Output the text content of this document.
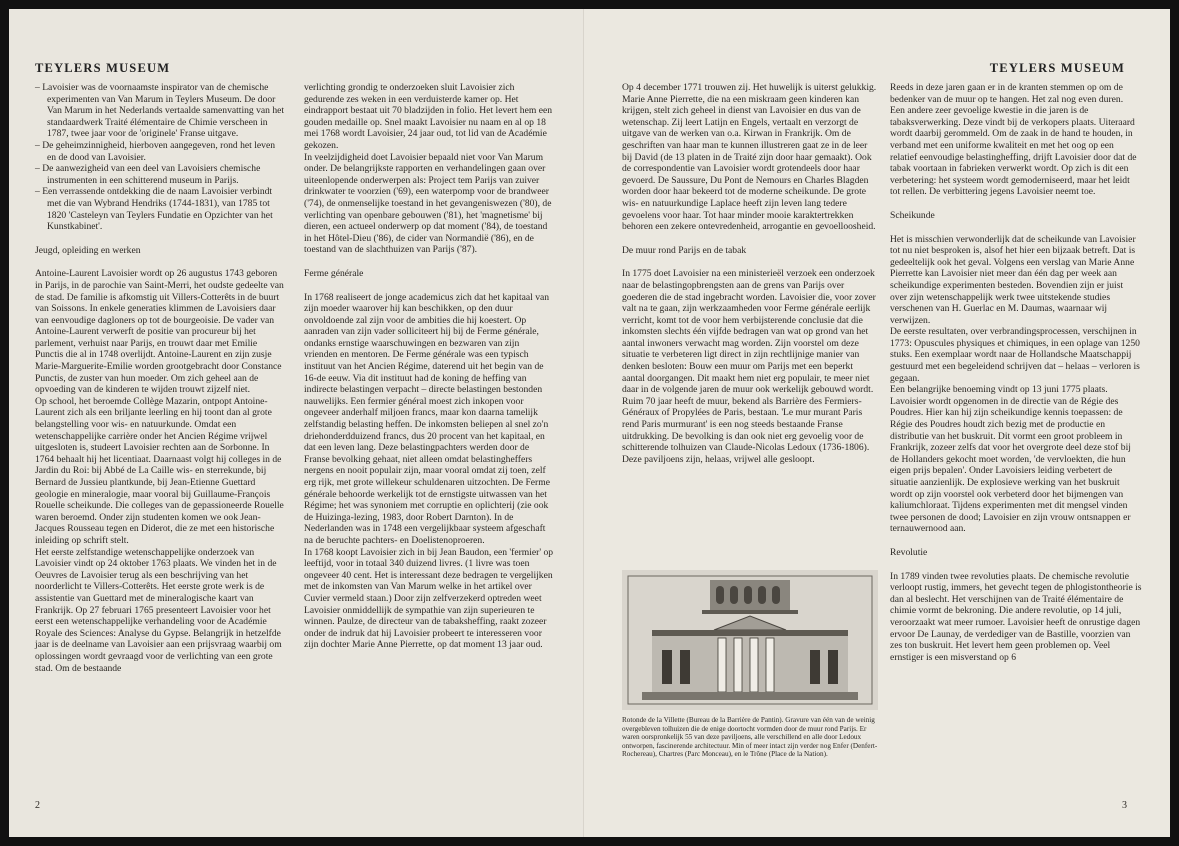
TEYLERS MUSEUM

– Lavoisier was de voornaamste inspirator van de chemische experimenten van Van Marum in Teylers Museum. De door Van Marum in het Nederlands vertaalde samenvatting van het standaardwerk Traité élémentaire de Chimie verscheen in 1787, twee jaar voor de 'originele' Franse uitgave.

– De geheimzinnigheid, hierboven aangegeven, rond het leven en de dood van Lavoisier.

– De aanwezigheid van een deel van Lavoisiers chemische instrumenten in een schitterend museum in Parijs.

– Een verrassende ontdekking die de naam Lavoisier verbindt met die van Wybrand Hendriks (1744-1831), van 1785 tot 1820 'Casteleyn van Teylers Fundatie en Opzichter van het Kunstkabinet'.

Jeugd, opleiding en werken

Antoine-Laurent Lavoisier wordt op 26 augustus 1743 geboren in Parijs, in de parochie van Saint-Merri, het oudste gedeelte van de stad. De familie is afkomstig uit Villers-Cotterêts in de buurt van Soissons. In enkele generaties klimmen de Lavoisiers daar van eenvoudige dagloners op tot de bourgeoisie. De vader van Antoine-Laurent verwerft de positie van procureur bij het parlement, verhuist naar Parijs, en trouwt daar met Emilie Punctis die al in 1748 overlijdt. Antoine-Laurent en zijn zusje Marie-Marguerite-Emilie worden grootgebracht door Constance Punctis, de zuster van hun moeder. Om zich geheel aan de opvoeding van de kinderen te wijden trouwt zijzelf niet.

Op school, het beroemde Collège Mazarin, ontpopt Antoine-Laurent zich als een briljante leerling en hij toont dan al grote belangstelling voor wis- en natuurkunde. Omdat een wetenschappelijke carrière onder het Ancien Régime vrijwel uitgesloten is, studeert Lavoisier rechten aan de Sorbonne. In 1764 behaalt hij het licentiaat. Daarnaast volgt hij colleges in de Jardin du Roi: bij Abbé de La Caille wis- en sterrekunde, bij Bernard de Jussieu plantkunde, bij Jean-Etienne Guettard geologie en mineralogie, maar vooral bij Guillaume-François Rouelle scheikunde. Die colleges van de gepassioneerde Rouelle waren beroemd. Onder zijn studenten komen we ook Jean-Jacques Rousseau tegen en Diderot, die ze met een historische inleiding op schrift stelt.

Het eerste zelfstandige wetenschappelijke onderzoek van Lavoisier vindt op 24 oktober 1763 plaats. We vinden het in de Oeuvres de Lavoisier terug als een beschrijving van het noorderlicht te Villers-Cotterêts. Het eerste grote werk is de assistentie van Guettard met de mineralogische kaart van Frankrijk. Op 27 februari 1765 presenteert Lavoisier voor het eerst een wetenschappelijke verhandeling voor de Académie Royale des Sciences: Analyse du Gypse. Belangrijk in hetzelfde jaar is de deelname van Lavoisier aan een prijsvraag waarbij om oplossingen wordt gevraagd voor de verlichting van een grote stad. Om de bestaande

verlichting grondig te onderzoeken sluit Lavoisier zich gedurende zes weken in een verduisterde kamer op. Het eindrapport bestaat uit 70 bladzijden in folio. Het levert hem een gouden medaille op. Snel maakt Lavoisier nu naam en al op 18 mei 1768 wordt Lavoisier, 24 jaar oud, tot lid van de Académie gekozen.

In veelzijdigheid doet Lavoisier bepaald niet voor Van Marum onder. De belangrijkste rapporten en verhandelingen gaan over uiteenlopende onderwerpen als: Project tem Parijs van zuiver drinkwater te voorzien ('69), een waterpomp voor de brandweer ('74), de onmenselijke toestand in het gevangeniswezen ('80), de verlichting van openbare gebouwen ('81), het 'magnetisme' bij dieren, een actueel onderwerp op dat moment ('84), de toestand in het Hôtel-Dieu ('86), de cider van Normandië ('86), en de toestand van de slachthuizen van Parijs ('87).

Ferme générale

In 1768 realiseert de jonge academicus zich dat het kapitaal van zijn moeder waarover hij kan beschikken, op den duur onvoldoende zal zijn voor de ambities die hij koestert. Op aanraden van zijn vader solliciteert hij bij de Ferme générale, ondanks ernstige waarschuwingen en bezwaren van zijn vrienden en mentoren. De Ferme générale was een typisch instituut van het Ancien Régime, daterend uit het begin van de 16-de eeuw. Via dit instituut had de koning de heffing van indirecte belastingen verpacht – directe belastingen bestonden nauwelijks. Een fermier général moest zich inkopen voor ongeveer anderhalf miljoen francs, maar kon daarna tamelijk zelfstandig belasting heffen. De inkomsten beliepen al snel zo'n driehonderdduizend francs, dus 20 procent van het kapitaal, en dat een leven lang. Deze belastingpachters werden door de Franse bevolking gehaat, niet alleen omdat belastingheffers nergens en nooit populair zijn, maar vooral omdat zij toen, zelf erg rijk, met grote willekeur schuldenaren uitzochten. De Ferme générale behoorde werkelijk tot de ernstigste uitwassen van het Régime; het was synoniem met corruptie en oplichterij (zie ook de Huizinga-lezing, 1983, door Robert Darnton). In de Nederlanden was in 1748 een vergelijkbaar systeem afgeschaft na de beruchte pachters- en Doelistenoproeren.

In 1768 koopt Lavoisier zich in bij Jean Baudon, een 'fermier' op leeftijd, voor in totaal 340 duizend livres. (1 livre was toen ongeveer 40 cent. Het is interessant deze bedragen te vergelijken met de inkomsten van Van Marum welke in het artikel over Cuvier vermeld staan.) Door zijn zelfverzekerd optreden weet Lavoisier onmiddellijk de sympathie van zijn superieuren te winnen. Paulze, de directeur van de tabaksheffing, raakt zozeer onder de indruk dat hij Lavoisier probeert te interesseren voor zijn dochter Marie Anne Pierrette, op dat moment 13 jaar oud.

2
TEYLERS MUSEUM

Op 4 december 1771 trouwen zij. Het huwelijk is uiterst gelukkig. Marie Anne Pierrette, die na een miskraam geen kinderen kan krijgen, stelt zich geheel in dienst van Lavoisier en dus van de wetenschap. Zij leert Latijn en Engels, vertaalt en verzorgt de uitgave van de werken van o.a. Kirwan in Frankrijk. Om de geschriften van haar man te kunnen illustreren gaat ze in de leer bij David (de 13 platen in de Traité zijn door haar gemaakt). Ook de correspondentie van Lavoisier wordt grotendeels door haar gevoerd. De Saussure, Du Pont de Nemours en Charles Blagden worden door haar bekeerd tot de moderne scheikunde. De grote wis- en natuurkundige Laplace heeft zijn leven lang tedere gevoelens voor haar. Tot haar minder mooie karaktertrekken behoren een zekere ontevredenheid, arrogantie en gevoelloosheid.

De muur rond Parijs en de tabak

In 1775 doet Lavoisier na een ministerieël verzoek een onderzoek naar de belastingopbrengsten aan de grens van Parijs over goederen die de stad ingebracht worden. Lavoisier die, voor zover valt na te gaan, zijn werkzaamheden voor Ferme générale eerlijk verricht, komt tot de voor hem verbijsterende conclusie dat die inkomsten slechts één vijfde bedragen van wat op grond van het aantal inwoners verwacht mag worden. Zijn voorstel om deze situatie te verbeteren ligt direct in zijn rechtlijnige manier van denken besloten: Bouw een muur om Parijs met een beperkt aantal doorgangen. Dit maakt hem niet erg populair, te meer niet daar in de volgende jaren de muur ook werkelijk gebouwd wordt. Ruim 70 jaar heeft de muur, bekend als Barrière des Fermiers-Généraux of Propylées de Paris, bestaan. 'Le mur murant Paris rend Paris murmurant' is een nog steeds bestaande Franse uitdrukking. De bevolking is dan ook niet erg gevoelig voor de schitterende tolhuizen van Claude-Nicolas Ledoux (1736-1806). Deze paviljoens zijn, helaas, vrijwel alle gesloopt.

Rotonde de la Villette (Bureau de la Barrière de Pantin). Gravure van één van de weinig overgebleven tolhuizen die de enige doortocht vormden door de muur rond Parijs. Er waren oorspronkelijk 55 van deze paviljoens, alle verschillend en alle door Ledoux ontworpen, fascinerende architectuur. Min of meer intact zijn verder nog Enfer (Denfert-Rochereau), Chartres (Parc Monceau), en le Trône (Place de la Nation).

Reeds in deze jaren gaan er in de kranten stemmen op om de bedenker van de muur op te hangen. Het zal nog even duren.

Een andere zeer gevoelige kwestie in die jaren is de tabaksverwerking. Deze vindt bij de verkopers plaats. Uiteraard wordt daarbij gerommeld. Om de zaak in de hand te houden, in verband met een uniforme kwaliteit en met het oog op een relatief eenvoudige belastingheffing, drijft Lavoisier door dat de tabak voortaan in fabrieken verwerkt wordt. Op zich is dit een verbetering: het systeem wordt gemoderniseerd, maar het leidt tot rellen. De verbittering jegens Lavoisier neemt toe.

Scheikunde

Het is misschien verwonderlijk dat de scheikunde van Lavoisier tot nu niet besproken is, alsof het hier een bijzaak betreft. Dat is gedeeltelijk ook het geval. Volgens een verslag van Marie Anne Pierrette kan Lavoisier niet meer dan één dag per week aan scheikundige experimenten besteden. Bovendien zijn er juist over zijn wetenschappelijk werk twee uitstekende studies verschenen van H. Guerlac en M. Daumas, waarnaar wij verwijzen.

De eerste resultaten, over verbrandingsprocessen, verschijnen in 1773: Opuscules physiques et chimiques, in een oplage van 1250 stuks. Een exemplaar wordt naar de Hollandsche Maatschappij gestuurd met een begeleidend schrijven dat – helaas – verloren is gegaan.

Een belangrijke benoeming vindt op 13 juni 1775 plaats. Lavoisier wordt opgenomen in de directie van de Régie des Poudres. Hier kan hij zijn scheikundige kennis toepassen: de Régie des Poudres houdt zich bezig met de productie en distributie van het buskruit. Dit vormt een groot probleem in Frankrijk, zozeer zelfs dat voor het overgrote deel deze stof bij de Hollanders gekocht moet worden, 'de vervloekten, die hun eigen prijs bepalen'. Onder Lavoisiers leiding verbetert de situatie aanzienlijk. De explosieve werking van het buskruit wordt op zijn voorstel ook verbeterd door het bijmengen van kaliumchloraat. Tijdens experimenten met dit mengsel vinden twee personen de dood; Lavoisier en zijn vrouw ontsnappen er ternauwernood aan.

Revolutie

In 1789 vinden twee revoluties plaats. De chemische revolutie verloopt rustig, immers, het gevecht tegen de phlogistontheorie is dan al beslecht. Het verschijnen van de Traité élémentaire de chimie vormt de bekroning. Die andere revolutie, op 14 juli, veroorzaakt wat meer rumoer. Lavoisier heeft de onrustige dagen ervoor De Launay, de verdediger van de Bastille, voorzien van zes ton buskruit. Het levert hem geen problemen op. Veel ernstiger is een misverstand op 6

3
